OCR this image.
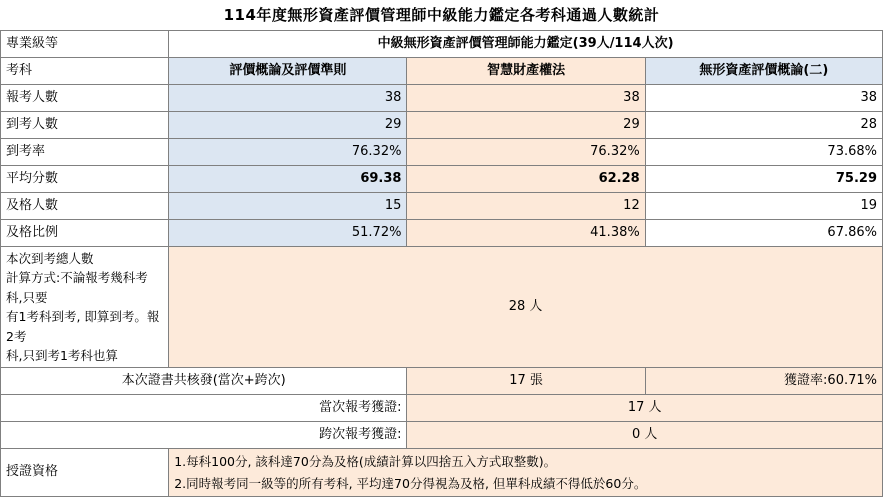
114年度無形資產評價管理師中級能力鑑定各考科通過人數統計
專業級等	中級無形資產評價管理師能力鑑定(39人/114人次)		
考科	評價概論及評價準則	智慧財產權法	無形資產評價概論(二)
報考人數	38	38	38
到考人數	29	29	28
到考率	76.32%	76.32%	73.68%
平均分數	69.38	62.28	75.29
及格人數	15	12	19
及格比例	51.72%	41.38%	67.86%

本次到考總人數
計算方式:不論報考幾科考科,只要
有1考科到考, 即算到考。報2考
科,只到考1考科也算	28 人		
本次證書共核發(當次+跨次)		17 張	獲證率:60.71%
當次報考獲證:		17 人	
跨次報考獲證:		0 人	
授證資格	1.每科100分, 該科達70分為及格(成績計算以四捨五入方式取整數)。
2.同時報考同一級等的所有考科, 平均達70分得視為及格, 但單科成績不得低於60分。		
